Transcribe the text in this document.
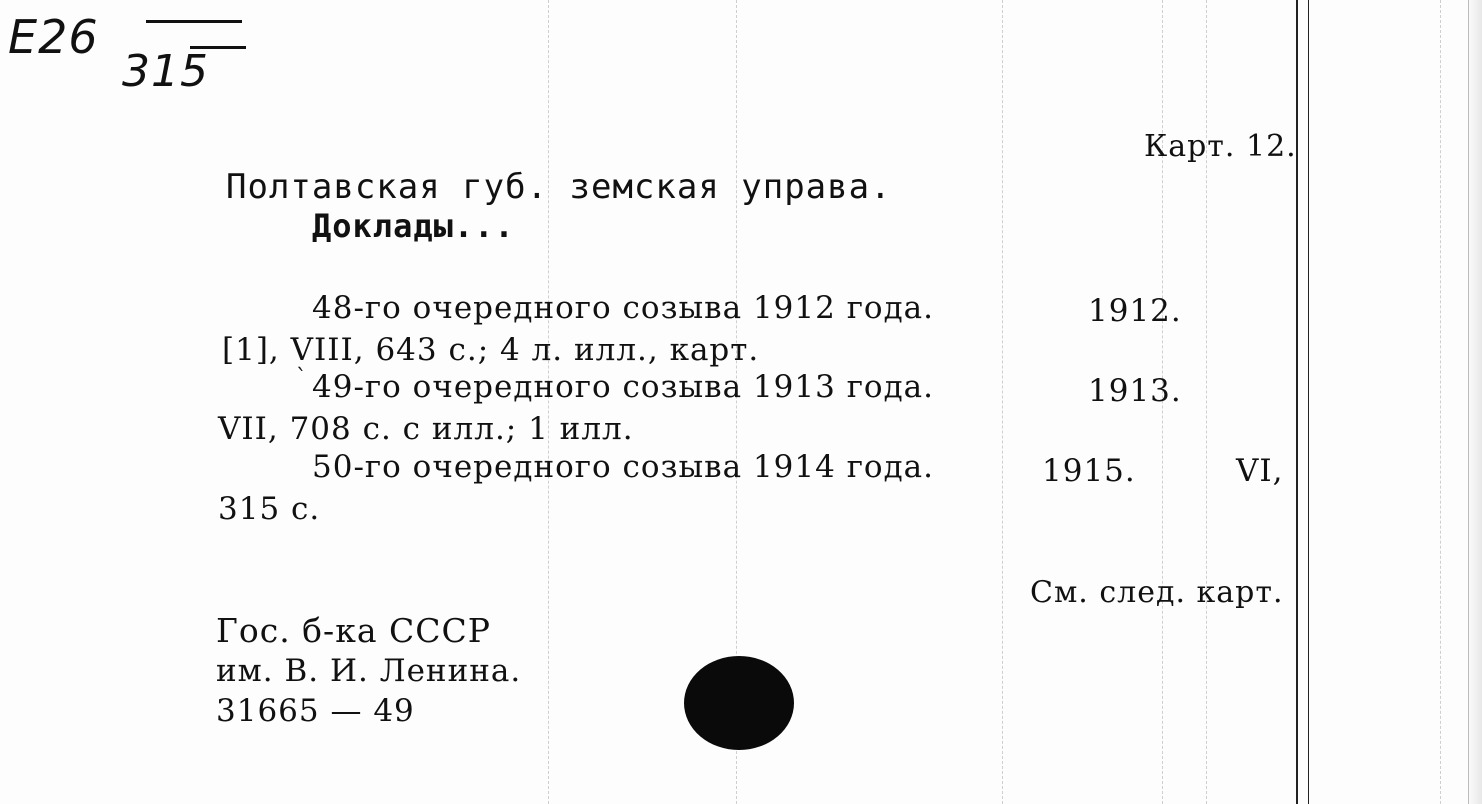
E26
315
Карт. 12.
Полтавская губ. земская управа.
Доклады...
48-го очередного созыва 1912 года.	1912.
[1], VIII, 643 с.; 4 л. илл., карт.
` 49-го очередного созыва 1913 года.	1913.
VII, 708 с. с илл.; 1 илл.
50-го очередного созыва 1914 года.	1915.	VI,
315 с.
См. след. карт.
Гос. б-ка СССР
им. В. И. Ленина.
31665 — 49
